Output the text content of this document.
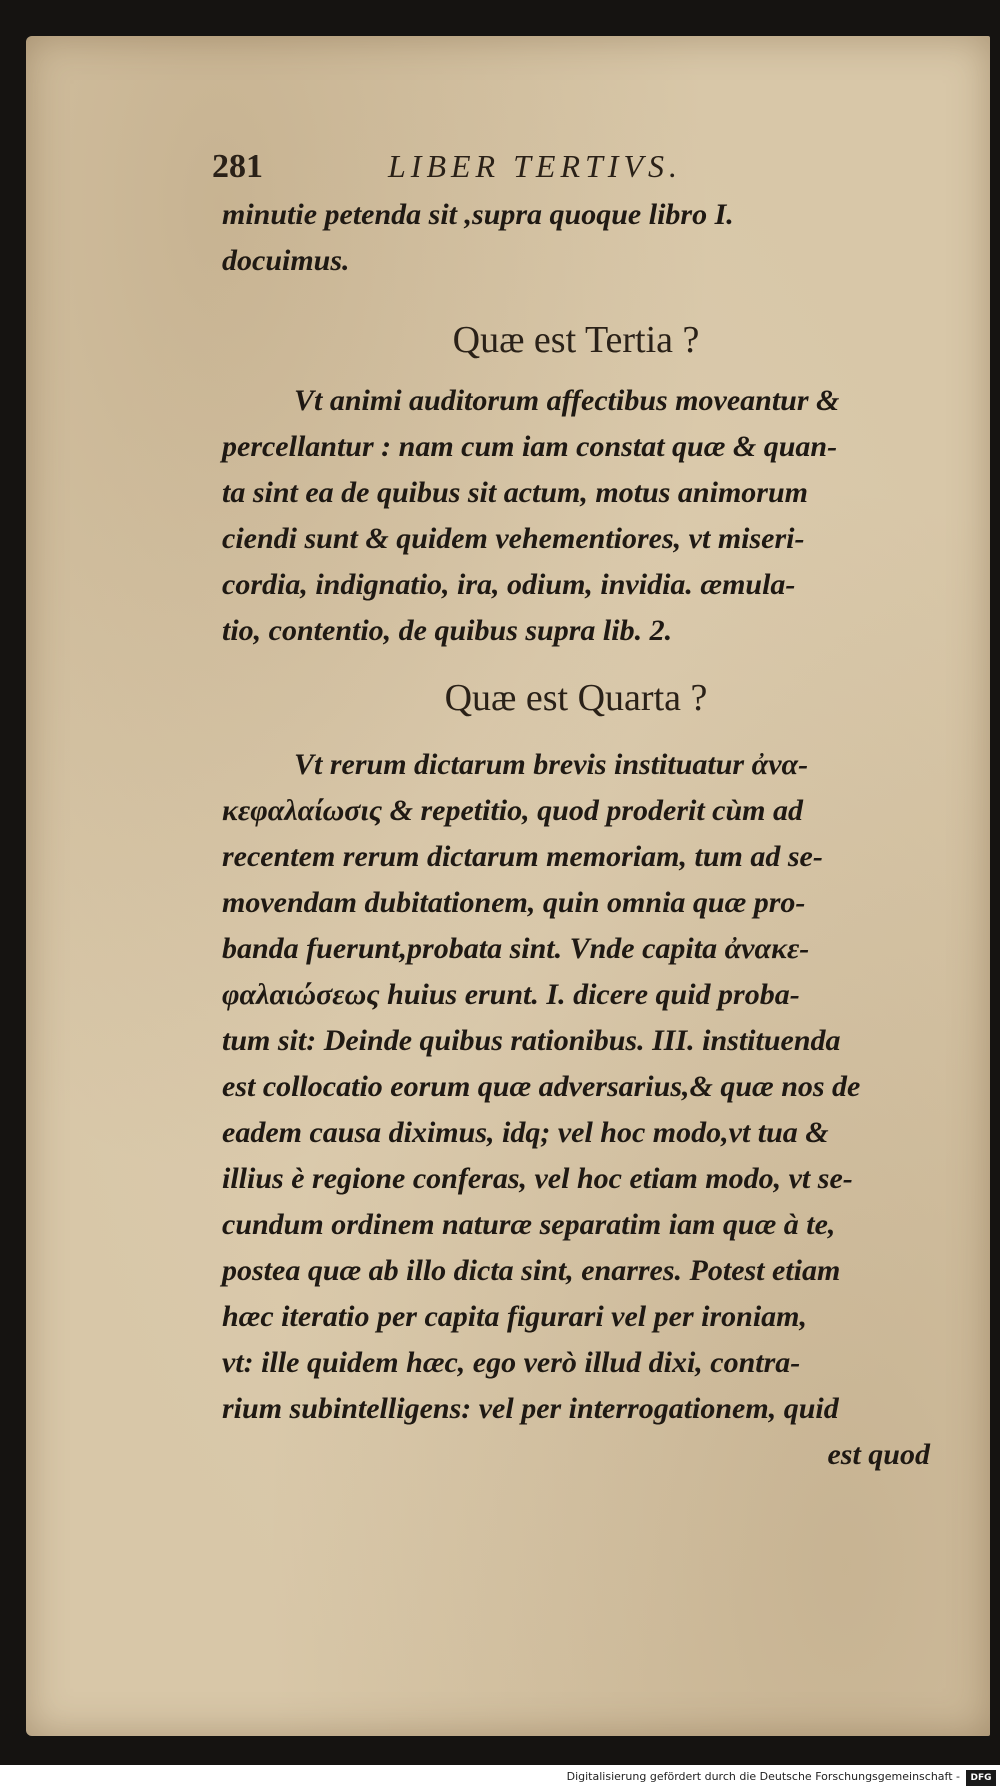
281	LIBER TERTIVS.
minutie petenda sit ,supra quoque libro I.
docuimus.
Quæ est Tertia ?
Vt animi auditorum affectibus moveantur &
percellantur : nam cum iam constat quæ & quan-
ta sint ea de quibus sit actum, motus animorum
ciendi sunt & quidem vehementiores, vt miseri-
cordia, indignatio, ira, odium, invidia. æmula-
tio, contentio, de quibus supra lib. 2.
Quæ est Quarta ?
Vt rerum dictarum brevis instituatur ἀνα-
κεφαλαίωσις & repetitio, quod proderit cùm ad
recentem rerum dictarum memoriam, tum ad se-
movendam dubitationem, quin omnia quæ pro-
banda fuerunt,probata sint. Vnde capita ἀνακε-
φαλαιώσεως huius erunt. I. dicere quid proba-
tum sit: Deinde quibus rationibus. III. instituenda
est collocatio eorum quæ adversarius,& quæ nos de
eadem causa diximus, idq; vel hoc modo,vt tua &
illius è regione conferas, vel hoc etiam modo, vt se-
cundum ordinem naturæ separatim iam quæ à te,
postea quæ ab illo dicta sint, enarres. Potest etiam
hæc iteratio per capita figurari vel per ironiam,
vt: ille quidem hæc, ego verò illud dixi, contra-
rium subintelligens: vel per interrogationem, quid
est quod
Digitalisierung gefördert durch die Deutsche Forschungsgemeinschaft -	DFG
